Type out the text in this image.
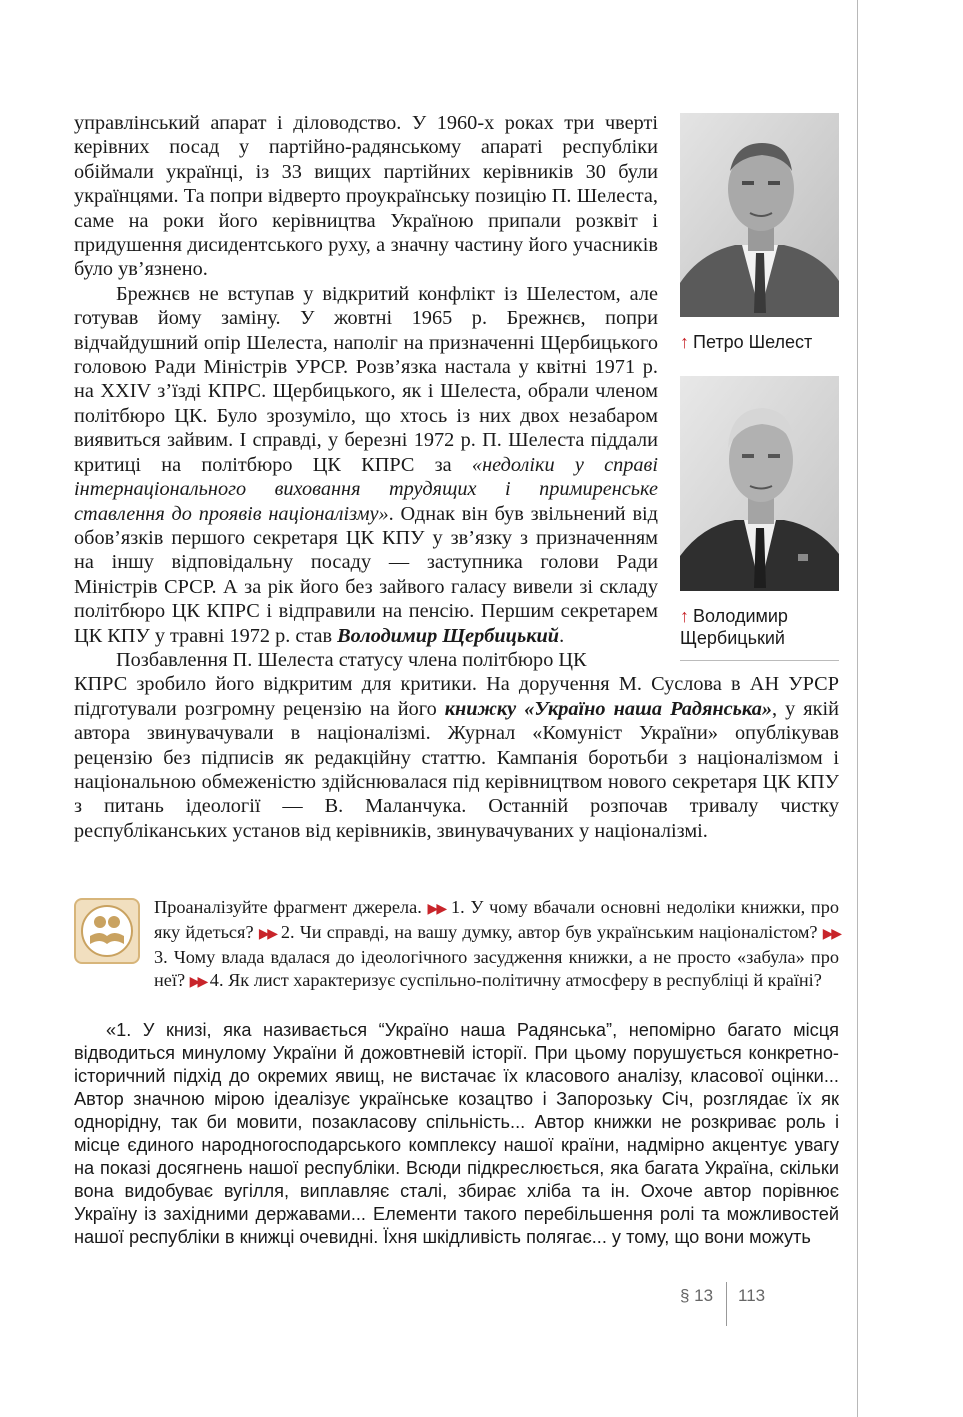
управлінський апарат і діловодство. У 1960-х роках три чверті керівних посад у партійно-радянському апараті республіки обіймали українці, із 33 вищих партійних керівників 30 були українцями. Та попри відверто проукраїнську позицію П. Шелеста, саме на роки його керівництва Україною припали розквіт і придушення дисидентського руху, а значну частину його учасників було ув’язнено.

Брежнєв не вступав у відкритий конфлікт із Шелестом, але готував йому заміну. У жовтні 1965 р. Брежнєв, попри відчайдушний опір Шелеста, наполіг на призначенні Щербицького головою Ради Міністрів УРСР. Розв’язка настала у квітні 1971 р. на XXIV з’їзді КПРС. Щербицького, як і Шелеста, обрали членом політбюро ЦК. Було зрозуміло, що хтось із них двох незабаром виявиться зайвим. І справді, у березні 1972 р. П. Шелеста піддали критиці на політбюро ЦК КПРС за «недоліки у справі інтернаціонального виховання трудящих і примиренське ставлення до проявів націоналізму». Однак він був звільнений від обов’язків першого секретаря ЦК КПУ у зв’язку з призначенням на іншу відповідальну посаду — заступника голови Ради Міністрів СРСР. А за рік його без зайвого галасу вивели зі складу політбюро ЦК КПРС і відправили на пенсію. Першим секретарем ЦК КПУ у травні 1972 р. став Володимир Щербицький.

Позбавлення П. Шелеста статусу члена політбюро ЦК

КПРС зробило його відкритим для критики. На доручення М. Суслова в АН УРСР підготували розгромну рецензію на його книжку «Україно наша Радянська», у якій автора звинувачували в націоналізмі. Журнал «Комуніст України» опублікував рецензію без підписів як редакційну статтю. Кампанія боротьби з націоналізмом і національною обмеженістю здійснювалася під керівництвом нового секретаря ЦК КПУ з питань ідеології — В. Маланчука. Останній розпочав тривалу чистку республіканських установ від керівників, звинувачуваних у націоналізмі.

↑ Петро Шелест
↑ Володимир
Щербицький
Проаналізуйте фрагмент джерела. ▶▶ 1. У чому вбачали основні недоліки книжки, про яку йдеться? ▶▶ 2. Чи справді, на вашу думку, автор був українським націоналістом? ▶▶ 3. Чому влада вдалася до ідеологічного засудження книжки, а не просто «забула» про неї? ▶▶ 4. Як лист характеризує суспільно-політичну атмосферу в республіці й країні?
«1. У книзі, яка називається “Україно наша Радянська”, непомірно багато місця відводиться минулому України й дожовтневій історії. При цьому порушується конкретно-історичний підхід до окремих явищ, не вистачає їх класового аналізу, класової оцінки... Автор значною мірою ідеалізує українське козацтво і Запорозьку Січ, розглядає їх як однорідну, так би мовити, позакласову спільність... Автор книжки не розкриває роль і місце єдиного народногосподарського комплексу нашої країни, надмірно акцентує увагу на показі досягнень нашої республіки. Всюди підкреслюється, яка багата Україна, скільки вона видобуває вугілля, виплавляє сталі, збирає хліба та ін. Охоче автор порівнює Україну із західними державами... Елементи такого перебільшення ролі та можливостей нашої республіки в книжці очевидні. Їхня шкідливість полягає... у тому, що вони можуть
§ 13 113
